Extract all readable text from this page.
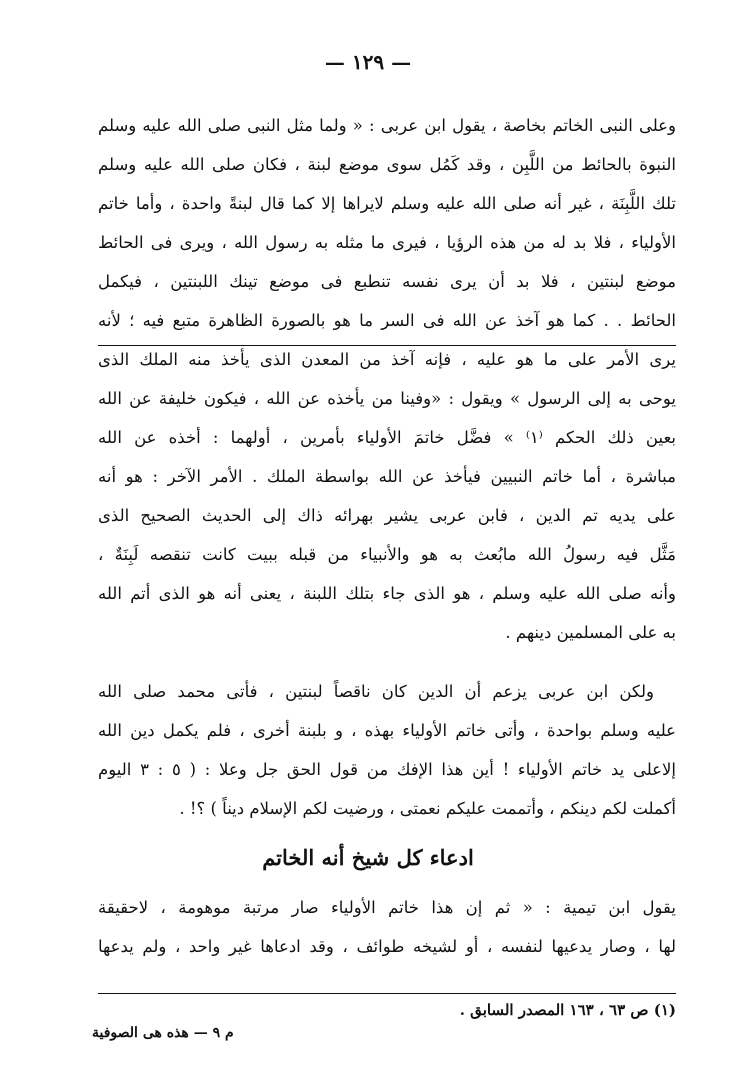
— ١٢٩ —
وعلى النبى الخاتم بخاصة ، يقول ابن عربى : « ولما مثل النبى صلى الله عليه وسلم
النبوة بالحائط من اللَّبِن ، وقد كَمُل سوى موضع لبنة ، فكان صلى الله عليه وسلم
تلك اللَّبِنَة ، غير أنه صلى الله عليه وسلم لايراها إلا كما قال لبنةً واحدة ، وأما خاتم
الأولياء ، فلا بد له من هذه الرؤيا ، فيرى ما مثله به رسول الله ، ويرى فى الحائط
موضع لبنتين ، فلا بد أن يرى نفسه تنطبع فى موضع تينك اللبنتين ، فيكمل
الحائط . . كما هو آخذ عن الله فى السر ما هو بالصورة الظاهرة متبع فيه ؛ لأنه
يرى الأمر على ما هو عليه ، فإنه آخذ من المعدن الذى يأخذ منه الملك الذى
يوحى به إلى الرسول » ويقول : «وفينا من يأخذه عن الله ، فيكون خليفة عن الله
بعين ذلك الحكم ⁽١⁾ » فضَّل خاتمَ الأولياء بأمرين ، أولهما : أخذه عن الله
مباشرة ، أما خاتم النبيين فيأخذ عن الله بواسطة الملك . الأمر الآخر : هو أنه
على يديه تم الدين ، فابن عربى يشير بهرائه ذاك إلى الحديث الصحيح الذى
مَثَّل فيه رسولُ الله مابُعث به هو والأنبياء من قبله ببيت كانت تنقصه لَبِنَةٌ ،
وأنه صلى الله عليه وسلم ، هو الذى جاء بتلك اللبنة ، يعنى أنه هو الذى أتم الله
به على المسلمين دينهم .
ولكن ابن عربى يزعم أن الدين كان ناقصاً لبنتين ، فأتى محمد صلى الله
عليه وسلم بواحدة ، وأتى خاتم الأولياء بهذه ، و بلبنة أخرى ، فلم يكمل دين الله
إلاعلى يد خاتم الأولياء ! أين هذا الإفك من قول الحق جل وعلا : ( ٥ : ٣ اليوم
أكملت لكم دينكم ، وأتممت عليكم نعمتى ، ورضيت لكم الإسلام ديناً ) ؟! .
ادعاء كل شيخ أنه الخاتم
يقول ابن تيمية : « ثم إن هذا خاتم الأولياء صار مرتبة موهومة ، لاحقيقة
لها ، وصار يدعيها لنفسه ، أو لشيخه طوائف ، وقد ادعاها غير واحد ، ولم يدعها
(١) ص ٦٣ ، ١٦٣ المصدر السابق .
م ٩ — هذه هى الصوفية
